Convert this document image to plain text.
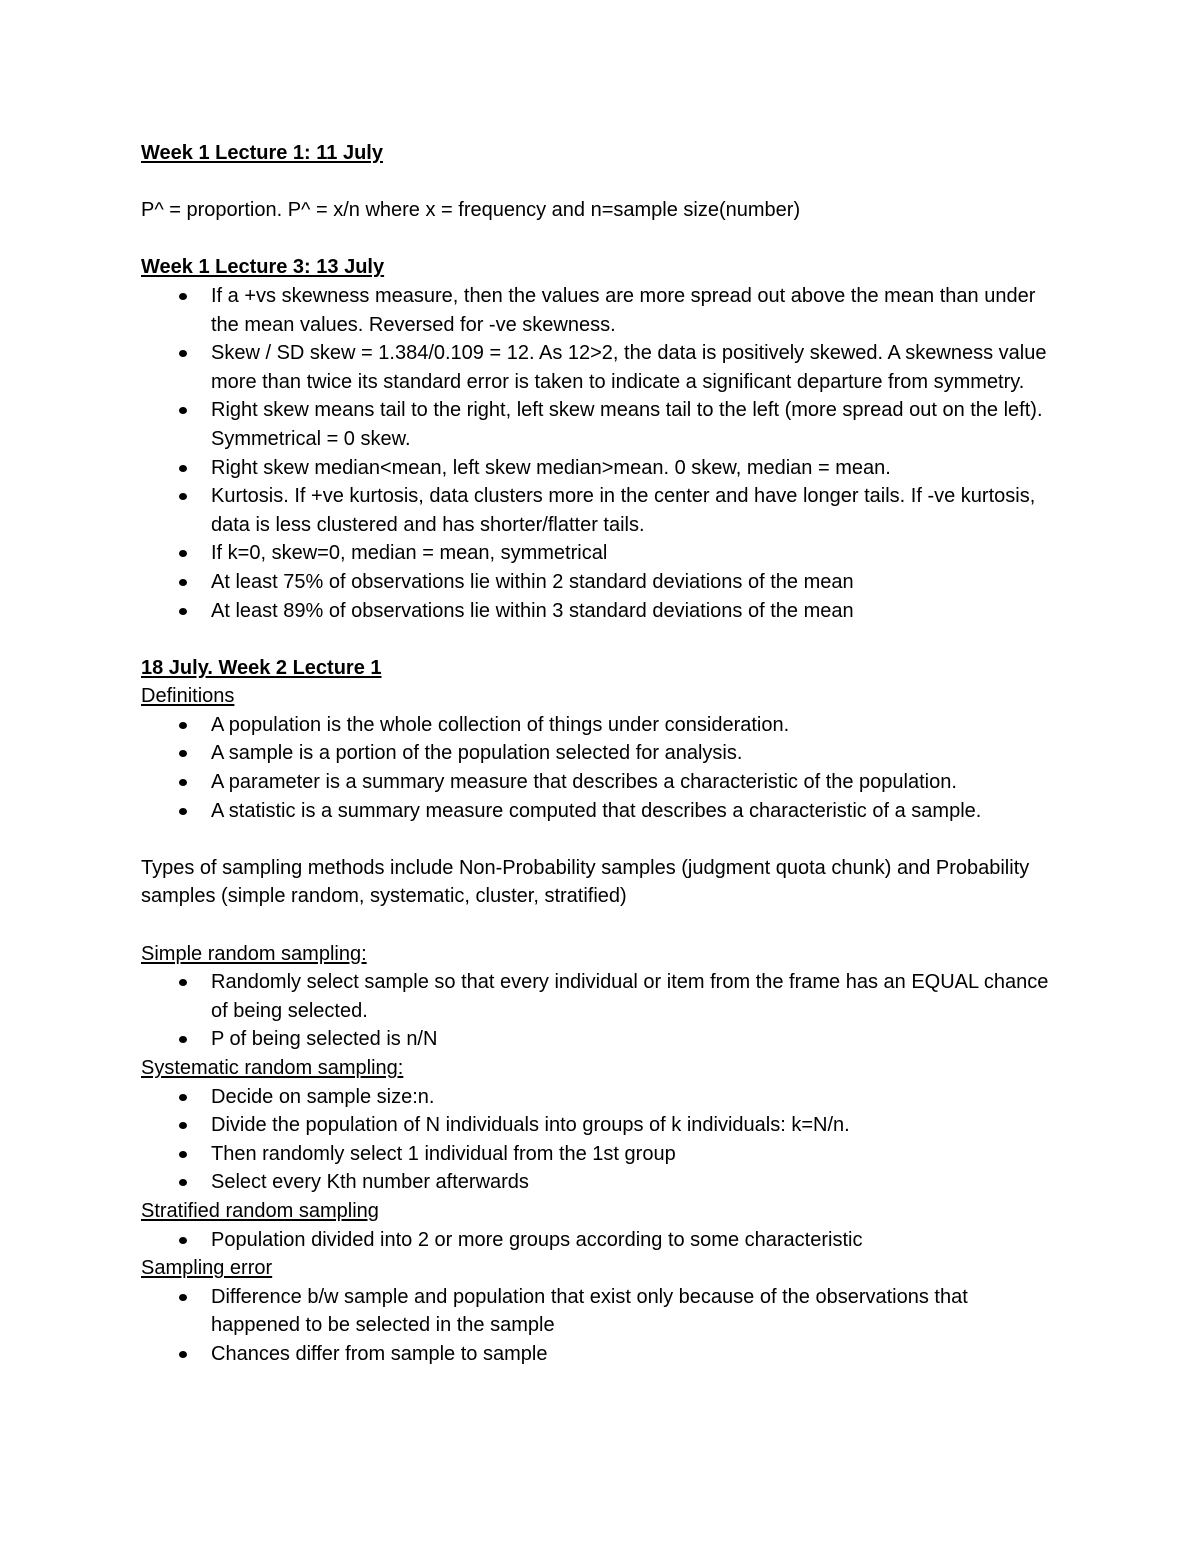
Week 1 Lecture 1: 11 July

P^ = proportion. P^ = x/n where x = frequency and n=sample size(number)

Week 1 Lecture 3: 13 July

If a +vs skewness measure, then the values are more spread out above the mean than under the mean values. Reversed for -ve skewness.
Skew / SD skew = 1.384/0.109 = 12. As 12>2, the data is positively skewed. A skewness value more than twice its standard error is taken to indicate a significant departure from symmetry.
Right skew means tail to the right, left skew means tail to the left (more spread out on the left). Symmetrical = 0 skew.
Right skew median<mean, left skew median>mean. 0 skew, median = mean.
Kurtosis. If +ve kurtosis, data clusters more in the center and have longer tails. If -ve kurtosis, data is less clustered and has shorter/flatter tails.
If k=0, skew=0, median = mean, symmetrical
At least 75% of observations lie within 2 standard deviations of the mean
At least 89% of observations lie within 3 standard deviations of the mean

18 July. Week 2 Lecture 1

Definitions

A population is the whole collection of things under consideration.
A sample is a portion of the population selected for analysis.
A parameter is a summary measure that describes a characteristic of the population.
A statistic is a summary measure computed that describes a characteristic of a sample.

Types of sampling methods include Non-Probability samples (judgment quota chunk) and Probability samples (simple random, systematic, cluster, stratified)

Simple random sampling:

Randomly select sample so that every individual or item from the frame has an EQUAL chance of being selected.
P of being selected is n/N

Systematic random sampling:

Decide on sample size:n.
Divide the population of N individuals into groups of k individuals: k=N/n.
Then randomly select 1 individual from the 1st group
Select every Kth number afterwards

Stratified random sampling

Population divided into 2 or more groups according to some characteristic

Sampling error

Difference b/w sample and population that exist only because of the observations that happened to be selected in the sample
Chances differ from sample to sample
